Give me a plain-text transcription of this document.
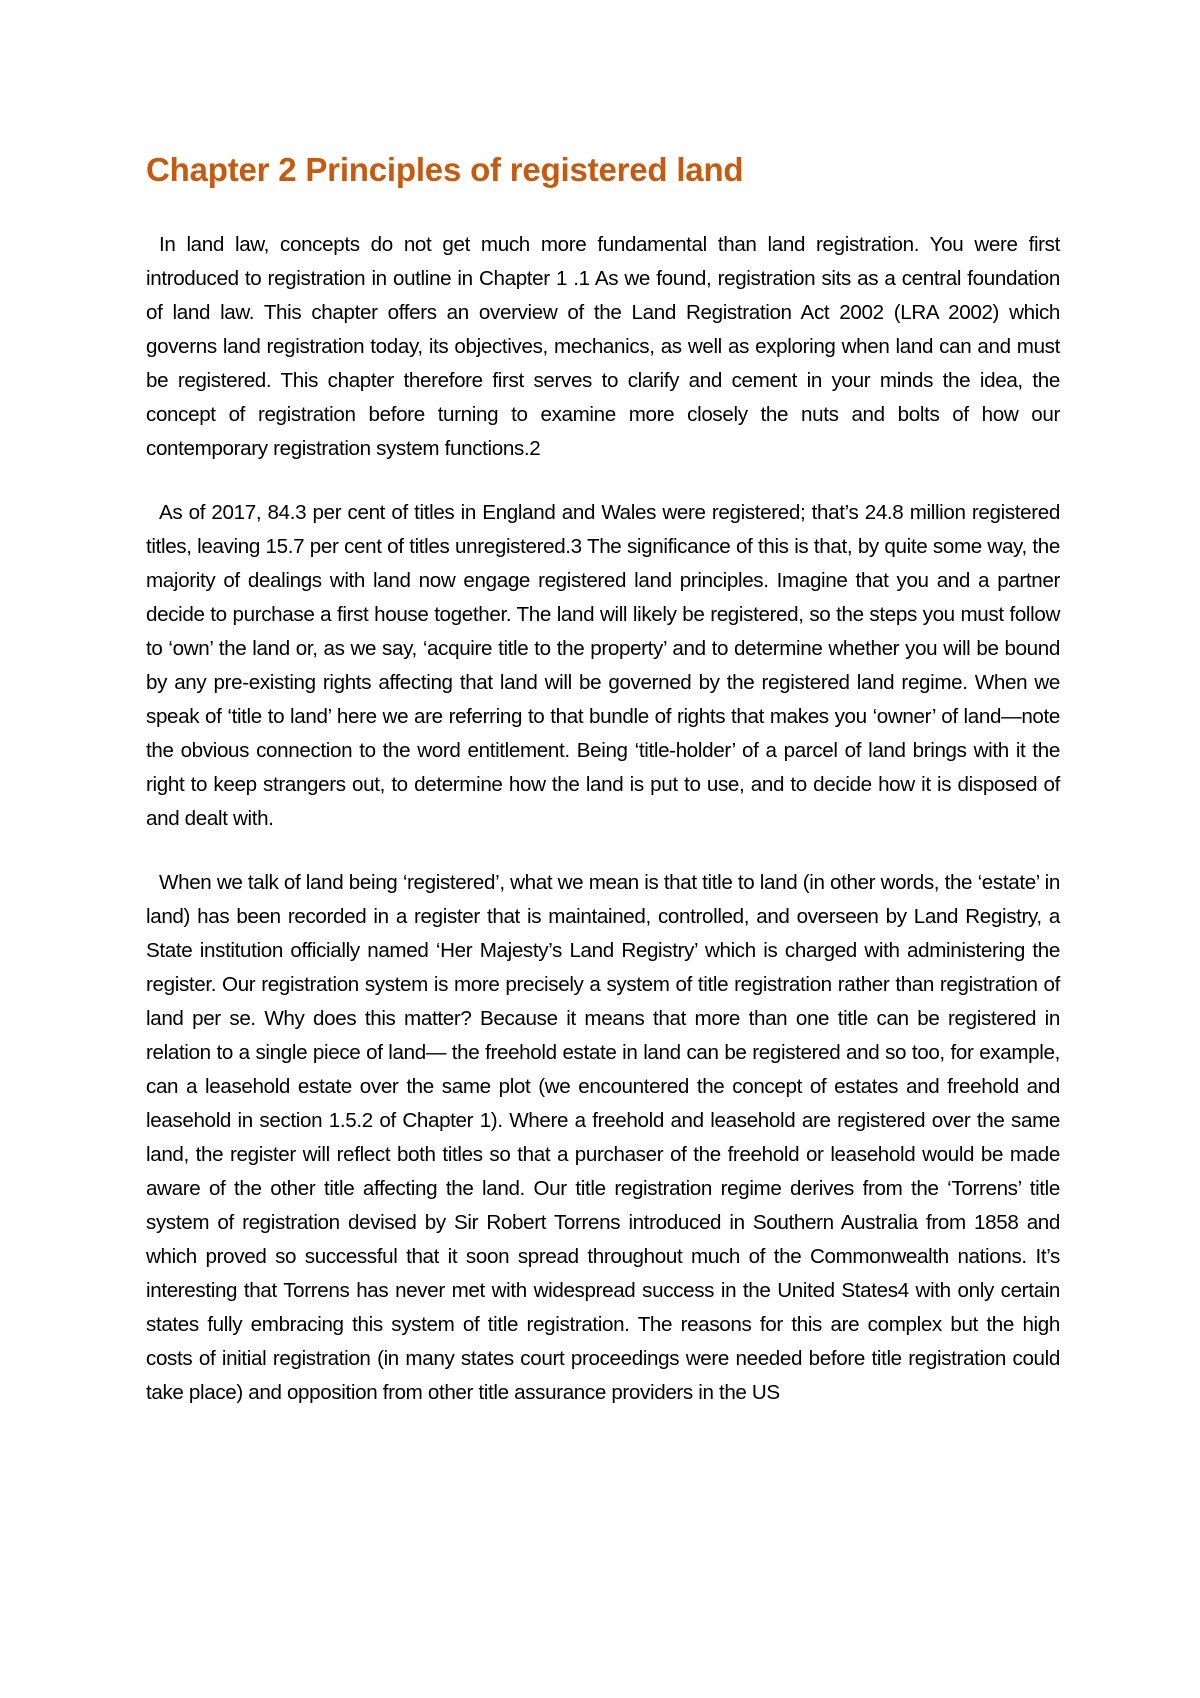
Chapter 2 Principles of registered land

In land law, concepts do not get much more fundamental than land registration. You were first introduced to registration in outline in Chapter 1 .1 As we found, registration sits as a central foundation of land law. This chapter offers an overview of the Land Registration Act 2002 (LRA 2002) which governs land registration today, its objectives, mechanics, as well as exploring when land can and must be registered. This chapter therefore first serves to clarify and cement in your minds the idea, the concept of registration before turning to examine more closely the nuts and bolts of how our contemporary registration system functions.2

As of 2017, 84.3 per cent of titles in England and Wales were registered; that’s 24.8 million registered titles, leaving 15.7 per cent of titles unregistered.3 The significance of this is that, by quite some way, the majority of dealings with land now engage registered land principles. Imagine that you and a partner decide to purchase a first house together. The land will likely be registered, so the steps you must follow to ‘own’ the land or, as we say, ‘acquire title to the property’ and to determine whether you will be bound by any pre-existing rights affecting that land will be governed by the registered land regime. When we speak of ‘title to land’ here we are referring to that bundle of rights that makes you ‘owner’ of land—note the obvious connection to the word entitlement. Being ‘title-holder’ of a parcel of land brings with it the right to keep strangers out, to determine how the land is put to use, and to decide how it is disposed of and dealt with.

When we talk of land being ‘registered’, what we mean is that title to land (in other words, the ‘estate’ in land) has been recorded in a register that is maintained, controlled, and overseen by Land Registry, a State institution officially named ‘Her Majesty’s Land Registry’ which is charged with administering the register. Our registration system is more precisely a system of title registration rather than registration of land per se. Why does this matter? Because it means that more than one title can be registered in relation to a single piece of land— the freehold estate in land can be registered and so too, for example, can a leasehold estate over the same plot (we encountered the concept of estates and freehold and leasehold in section 1.5.2 of Chapter 1). Where a freehold and leasehold are registered over the same land, the register will reflect both titles so that a purchaser of the freehold or leasehold would be made aware of the other title affecting the land. Our title registration regime derives from the ‘Torrens’ title system of registration devised by Sir Robert Torrens introduced in Southern Australia from 1858 and which proved so successful that it soon spread throughout much of the Commonwealth nations. It’s interesting that Torrens has never met with widespread success in the United States4 with only certain states fully embracing this system of title registration. The reasons for this are complex but the high costs of initial registration (in many states court proceedings were needed before title registration could take place) and opposition from other title assurance providers in the US
